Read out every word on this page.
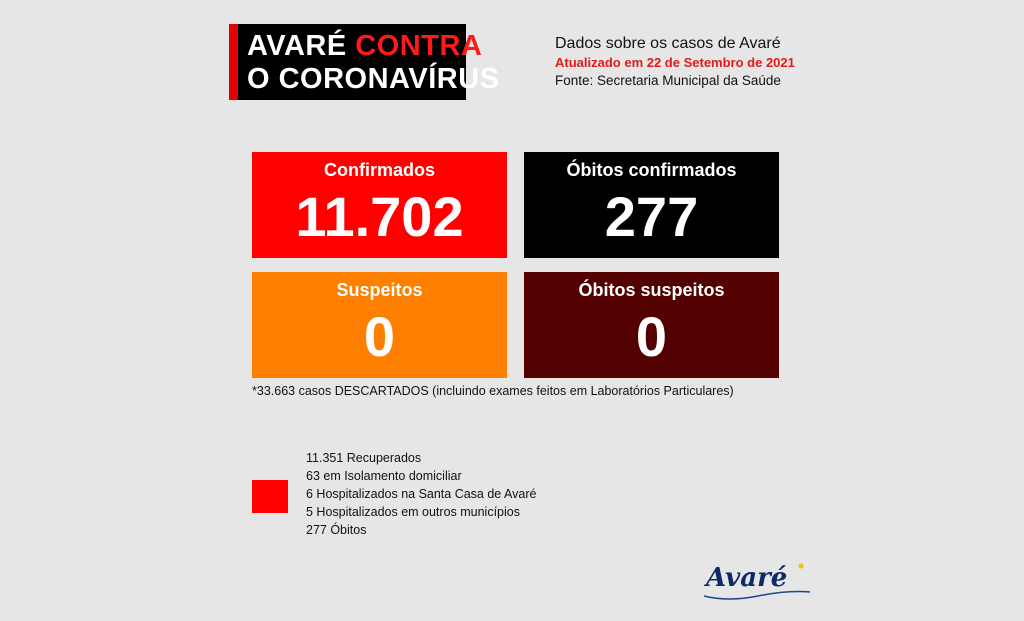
AVARÉ CONTRA
O CORONAVÍRUS
Dados sobre os casos de Avaré
Atualizado em 22 de Setembro de 2021
Fonte: Secretaria Municipal da Saúde
Confirmados
11.702
Óbitos confirmados
277
Suspeitos
0
Óbitos suspeitos
0
*33.663 casos DESCARTADOS (incluindo exames feitos em Laboratórios Particulares)
11.351 Recuperados
63 em Isolamento domiciliar
6 Hospitalizados na Santa Casa de Avaré
5 Hospitalizados em outros municípios
277 Óbitos
Avaré
